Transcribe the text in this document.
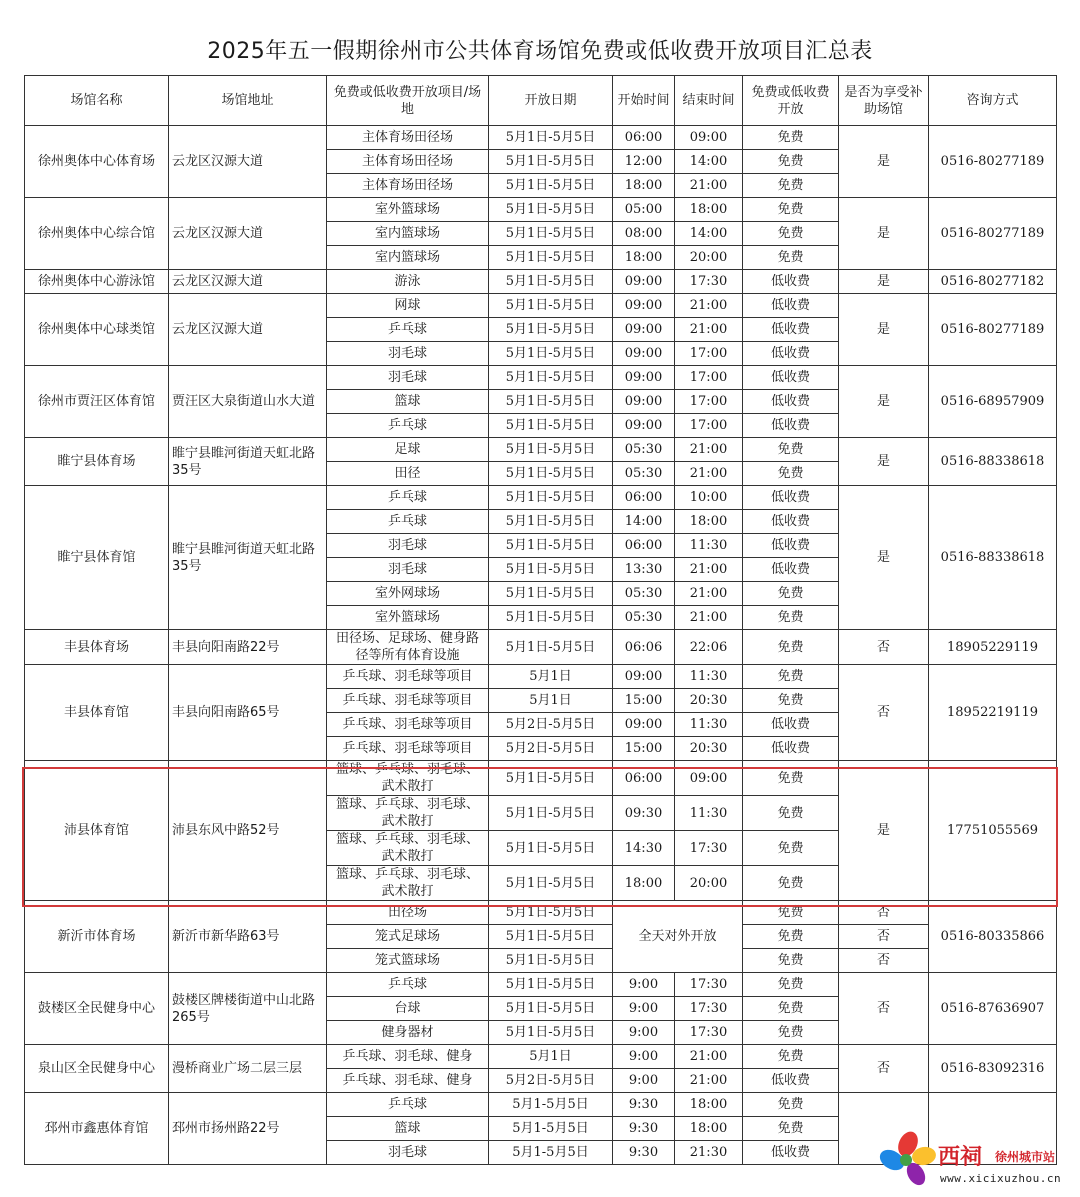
2025年五一假期徐州市公共体育场馆免费或低收费开放项目汇总表
场馆名称	场馆地址	免费或低收费开放项目/场地	开放日期	开始时间	结束时间	免费或低收费开放	是否为享受补助场馆	咨询方式
徐州奥体中心体育场	云龙区汉源大道	主体育场田径场	5月1日-5月5日	06:00	09:00	免费	是	0516-80277189
		主体育场田径场	5月1日-5月5日	12:00	14:00	免费		
		主体育场田径场	5月1日-5月5日	18:00	21:00	免费		
徐州奥体中心综合馆	云龙区汉源大道	室外篮球场	5月1日-5月5日	05:00	18:00	免费	是	0516-80277189
		室内篮球场	5月1日-5月5日	08:00	14:00	免费		
		室内篮球场	5月1日-5月5日	18:00	20:00	免费		
徐州奥体中心游泳馆	云龙区汉源大道	游泳	5月1日-5月5日	09:00	17:30	低收费	是	0516-80277182
徐州奥体中心球类馆	云龙区汉源大道	网球	5月1日-5月5日	09:00	21:00	低收费	是	0516-80277189
		乒乓球	5月1日-5月5日	09:00	21:00	低收费		
		羽毛球	5月1日-5月5日	09:00	17:00	低收费		
徐州市贾汪区体育馆	贾汪区大泉街道山水大道	羽毛球	5月1日-5月5日	09:00	17:00	低收费	是	0516-68957909
		篮球	5月1日-5月5日	09:00	17:00	低收费		
		乒乓球	5月1日-5月5日	09:00	17:00	低收费		
睢宁县体育场	睢宁县睢河街道天虹北路35号	足球	5月1日-5月5日	05:30	21:00	免费	是	0516-88338618
		田径	5月1日-5月5日	05:30	21:00	免费		
睢宁县体育馆	睢宁县睢河街道天虹北路35号	乒乓球	5月1日-5月5日	06:00	10:00	低收费	是	0516-88338618
		乒乓球	5月1日-5月5日	14:00	18:00	低收费		
		羽毛球	5月1日-5月5日	06:00	11:30	低收费		
		羽毛球	5月1日-5月5日	13:30	21:00	低收费		
		室外网球场	5月1日-5月5日	05:30	21:00	免费		
		室外篮球场	5月1日-5月5日	05:30	21:00	免费		
丰县体育场	丰县向阳南路22号	田径场、足球场、健身路径等所有体育设施	5月1日-5月5日	06:06	22:06	免费	否	18905229119
丰县体育馆	丰县向阳南路65号	乒乓球、羽毛球等项目	5月1日	09:00	11:30	免费	否	18952219119
		乒乓球、羽毛球等项目	5月1日	15:00	20:30	免费		
		乒乓球、羽毛球等项目	5月2日-5月5日	09:00	11:30	低收费		
		乒乓球、羽毛球等项目	5月2日-5月5日	15:00	20:30	低收费		
沛县体育馆	沛县东风中路52号	篮球、乒乓球、羽毛球、武术散打	5月1日-5月5日	06:00	09:00	免费	是	17751055569
		篮球、乒乓球、羽毛球、武术散打	5月1日-5月5日	09:30	11:30	免费		
		篮球、乒乓球、羽毛球、武术散打	5月1日-5月5日	14:30	17:30	免费		
		篮球、乒乓球、羽毛球、武术散打	5月1日-5月5日	18:00	20:00	免费		
新沂市体育场	新沂市新华路63号	田径场	5月1日-5月5日	全天对外开放		免费	否	0516-80335866
		笼式足球场	5月1日-5月5日			免费	否	
		笼式篮球场	5月1日-5月5日			免费	否	
鼓楼区全民健身中心	鼓楼区牌楼街道中山北路265号	乒乓球	5月1日-5月5日	9:00	17:30	免费	否	0516-87636907
		台球	5月1日-5月5日	9:00	17:30	免费		
		健身器材	5月1日-5月5日	9:00	17:30	免费		
泉山区全民健身中心	漫桥商业广场二层三层	乒乓球、羽毛球、健身	5月1日	9:00	21:00	免费	否	0516-83092316
		乒乓球、羽毛球、健身	5月2日-5月5日	9:00	21:00	低收费		
邳州市鑫惠体育馆	邳州市扬州路22号	乒乓球	5月1-5月5日	9:30	18:00	免费		
		篮球	5月1-5月5日	9:30	18:00	免费		
		羽毛球	5月1-5月5日	9:30	21:30	低收费			西祠 徐州城市站
www.xicixuzhou.cn
